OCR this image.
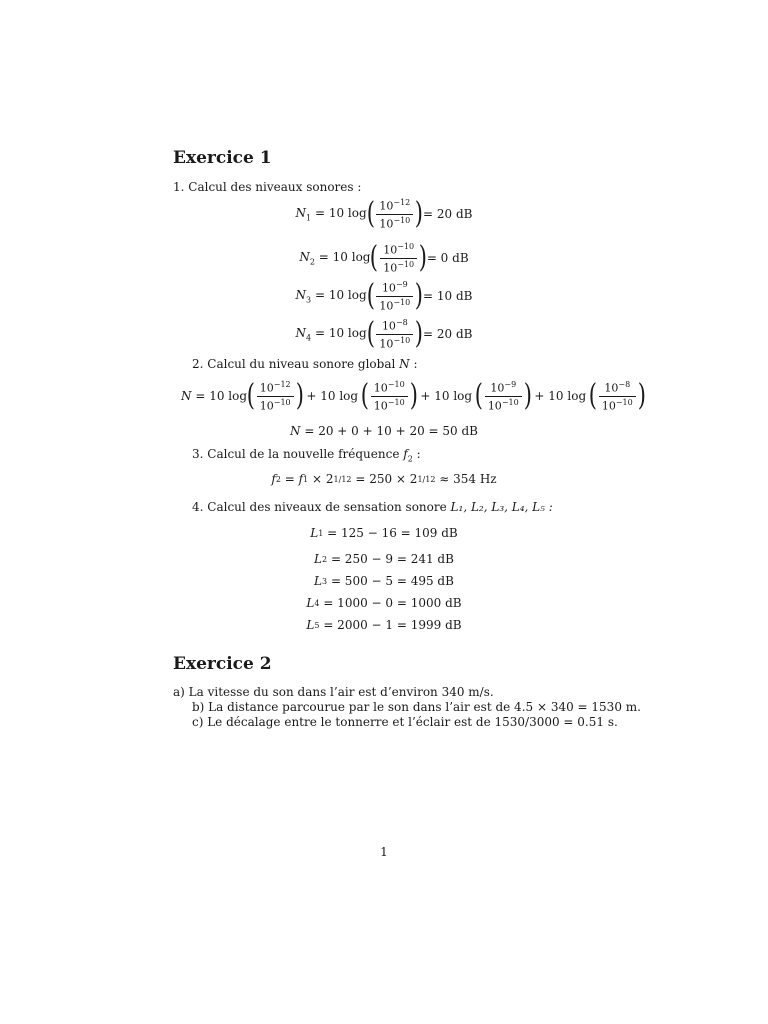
Exercice 1
1. Calcul des niveaux sonores :
$N_1 = 10$ log ( $\frac{10^{-12}}{10^{-10}}$ ) = 20 dB
$N_2 = 10$ log ( $\frac{10^{-10}}{10^{-10}}$ ) = 0 dB
$N_3 = 10$ log ( $\frac{10^{-9}}{10^{-10}}$ ) = 10 dB
$N_4 = 10$ log ( $\frac{10^{-8}}{10^{-10}}$ ) = 20 dB
2. Calcul du niveau sonore global N :
N
= 10 log ( $\frac{10^{-12}}{10^{-10}}$ ) + 10 log ( $\frac{10^{-10}}{10^{-10}}$ ) + 10 log ( $\frac{10^{-9}}{10^{-10}}$ ) + 10 log ( $\frac{10^{-8}}{10^{-10}}$ )
N
= 20 + 0 + 10 + 20 = 50 dB
3. Calcul de la nouvelle fréquence $f_2$ :
f 2
=
f 1
× 2 1/12
= 250 × 2 1/12
≈ 354 Hz
4. Calcul des niveaux de sensation sonore L₁, L₂, L₃, L₄, L₅ :
L 1
= 125 − 16 = 109 dB
L 2
= 250 − 9 = 241 dB
L 3
= 500 − 5 = 495 dB
L 4
= 1000 − 0 = 1000 dB
L 5
= 2000 − 1 = 1999 dB
Exercice 2
a) La vitesse du son dans l’air est d’environ 340 m/s.
b) La distance parcourue par le son dans l’air est de 4.5 × 340 = 1530 m.
c) Le décalage entre le tonnerre et l’éclair est de 1530/3000 = 0.51 s.
1
